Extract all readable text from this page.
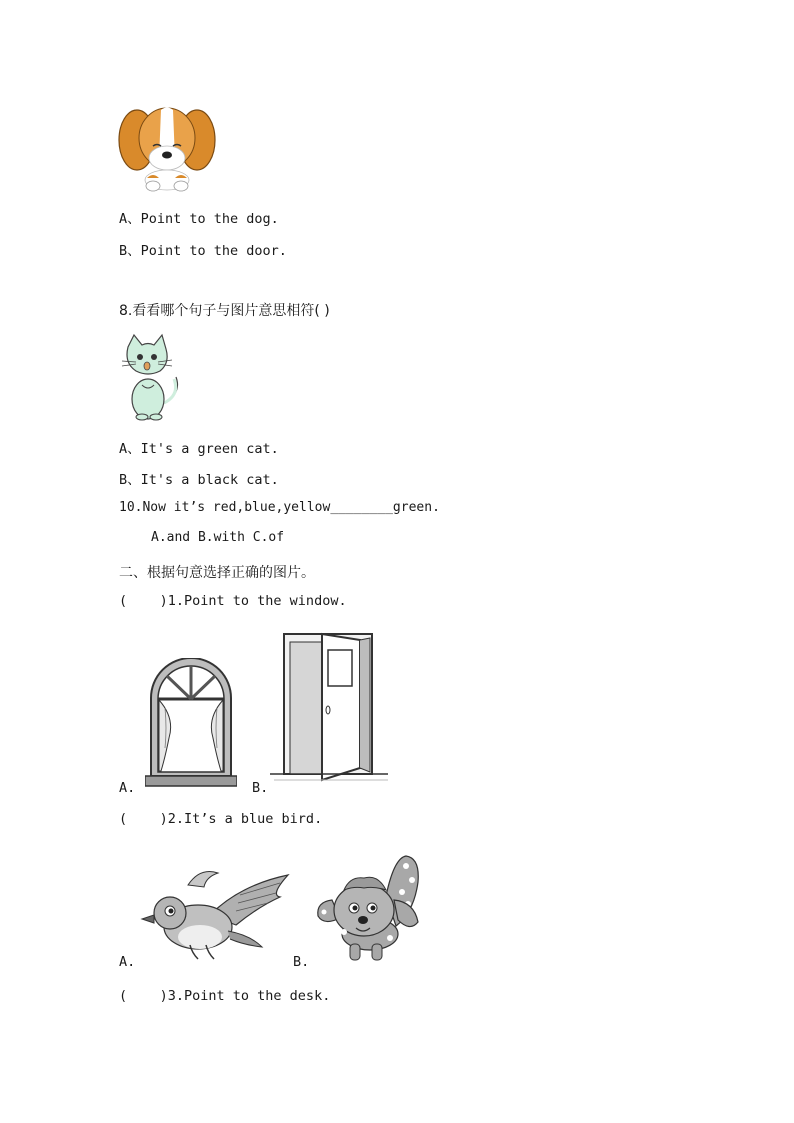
A、Point to the dog.
B、Point to the door.
8.看看哪个句子与图片意思相符( )
A、It's a green cat.
B、It's a black cat.
10.Now it’s red,blue,yellow________green.
A.and B.with C.of
二、根据句意选择正确的图片。
(    )1.Point to the window.
A.	B.
(    )2.It’s a blue bird.
A.	B.
(    )3.Point to the desk.
